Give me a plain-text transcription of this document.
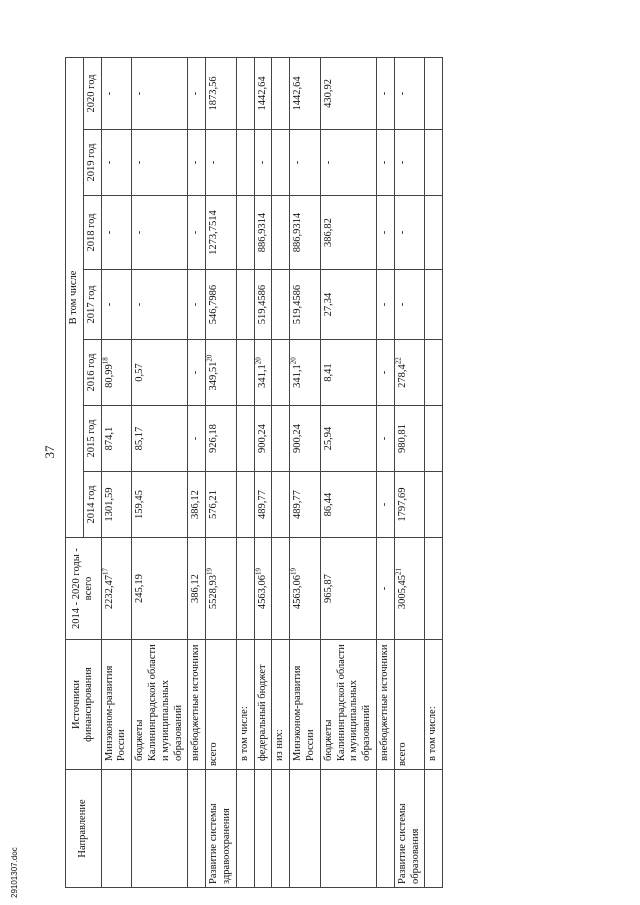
37
Направление	Источники финансирования	2014 - 2020 годы - всего	В том числе						
			2014 год	2015 год	2016 год	2017 год	2018 год	2019 год	2020 год
	Минэконом-развития России	2232,47$^{17}$	1301,59	874,1	80,99$^{18}$	-	-	-	-
	бюджеты Калининградской области и муниципальных образований	245,19	159,45	85,17	0,57	-	-	-	-
	внебюджетные источники	386,12	386,12	-	-	-	-	-	-
Развитие системы здравоохранения	всего	5528,93$^{19}$	576,21	926,18	349,51$^{20}$	546,7986	1273,7514	-	1873,56
	в том числе:								
	федеральный бюджет	4563,06$^{19}$	489,77	900,24	341,1$^{20}$	519,4586	886,9314	-	1442,64
	из них:								
	Минэконом-развития России	4563,06$^{19}$	489,77	900,24	341,1$^{20}$	519,4586	886,9314	-	1442,64
	бюджеты Калининградской области и муниципальных образований	965,87	86,44	25,94	8,41	27,34	386,82	-	430,92
	внебюджетные источники	-	-	-	-	-	-	-	-
Развитие системы образования	всего	3005,45$^{21}$	1797,69	980,81	278,4$^{22}$	-	-	-	-
	в том числе:								
29101307.doc
